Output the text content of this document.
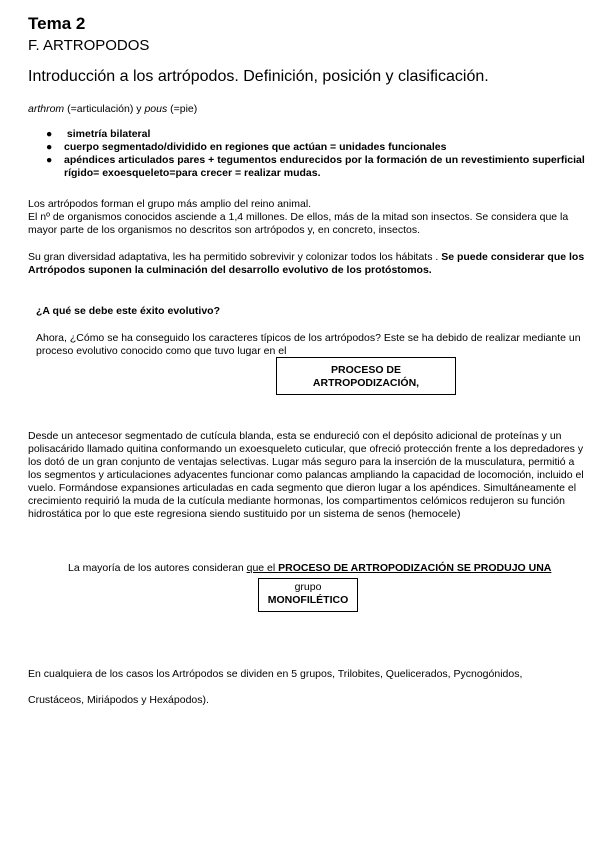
Tema 2
F. ARTROPODOS
Introducción a los artrópodos. Definición, posición y clasificación.
arthrom (=articulación) y pous (=pie)
● simetría bilateral
● cuerpo segmentado/dividido en regiones que actúan = unidades funcionales
● apéndices articulados pares + tegumentos endurecidos por la formación de un revestimiento superficial rígido= exoesqueleto=para crecer = realizar mudas.
Los artrópodos forman el grupo más amplio del reino animal.
El nº de organismos conocidos asciende a 1,4 millones. De ellos, más de la mitad son insectos. Se considera que la mayor parte de los organismos no descritos son artrópodos y, en concreto, insectos.
Su gran diversidad adaptativa, les ha permitido sobrevivir y colonizar todos los hábitats . Se puede considerar que los Artrópodos suponen la culminación del desarrollo evolutivo de los protóstomos.
¿A qué se debe este éxito evolutivo?
Ahora, ¿Cómo se ha conseguido los caracteres típicos de los artrópodos? Este se ha debido de realizar mediante un proceso evolutivo conocido como que tuvo lugar en el
PROCESO DE
ARTROPODIZACIÓN,
Desde un antecesor segmentado de cutícula blanda, esta se endureció con el depósito adicional de proteínas y un polisacárido llamado quitina conformando un exoesqueleto cuticular, que ofreció protección frente a los depredadores y los dotó de un gran conjunto de ventajas selectivas. Lugar más seguro para la inserción de la musculatura, permitió a los segmentos y articulaciones adyacentes funcionar como palancas ampliando la capacidad de locomoción, incluido el vuelo. Formándose expansiones articuladas en cada segmento que dieron lugar a los apéndices. Simultáneamente el crecimiento requirió la muda de la cutícula mediante hormonas, los compartimentos celómicos redujeron su función hidrostática por lo que este regresiona siendo sustituido por un sistema de senos (hemocele)
La mayoría de los autores consideran que el PROCESO DE ARTROPODIZACIÓN SE PRODUJO UNA
grupo
MONOFILÉTICO
En cualquiera de los casos los Artrópodos se dividen en 5 grupos, Trilobites, Quelicerados, Pycnogónidos,
Crustáceos, Miriápodos y Hexápodos).
